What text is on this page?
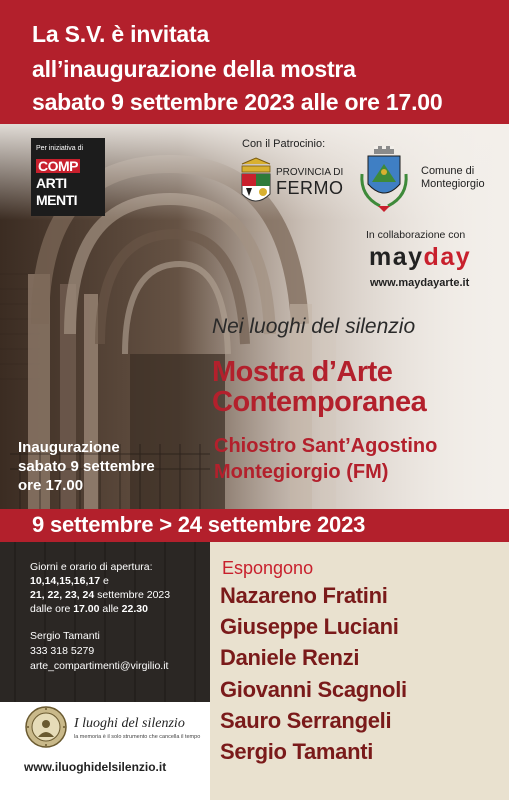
La S.V. è invitata
all’inaugurazione della mostra
sabato 9 settembre 2023 alle ore 17.00
Per iniziativa di
COMP
ARTI
MENTI
Con il Patrocinio:
PROVINCIA DI
FERMO
Comune di
Montegiorgio
In collaborazione con
mayday
www.maydayarte.it
Nei luoghi del silenzio
Mostra d’Arte
Contemporanea
Chiostro Sant’Agostino
Montegiorgio (FM)
Inaugurazione
sabato 9 settembre
ore 17.00
9 settembre > 24 settembre 2023
Giorni e orario di apertura:
10,14,15,16,17 e
21, 22, 23, 24 settembre 2023
dalle ore 17.00 alle 22.30
Sergio Tamanti
333 318 5279
arte_compartimenti@virgilio.it
Espongono
Nazareno Fratini
Giuseppe Luciani
Daniele Renzi
Giovanni Scagnoli
Sauro Serrangeli
Sergio Tamanti
I luoghi del silenzio
la memoria è il solo strumento che cancella il tempo
www.iluoghidelsilenzio.it
